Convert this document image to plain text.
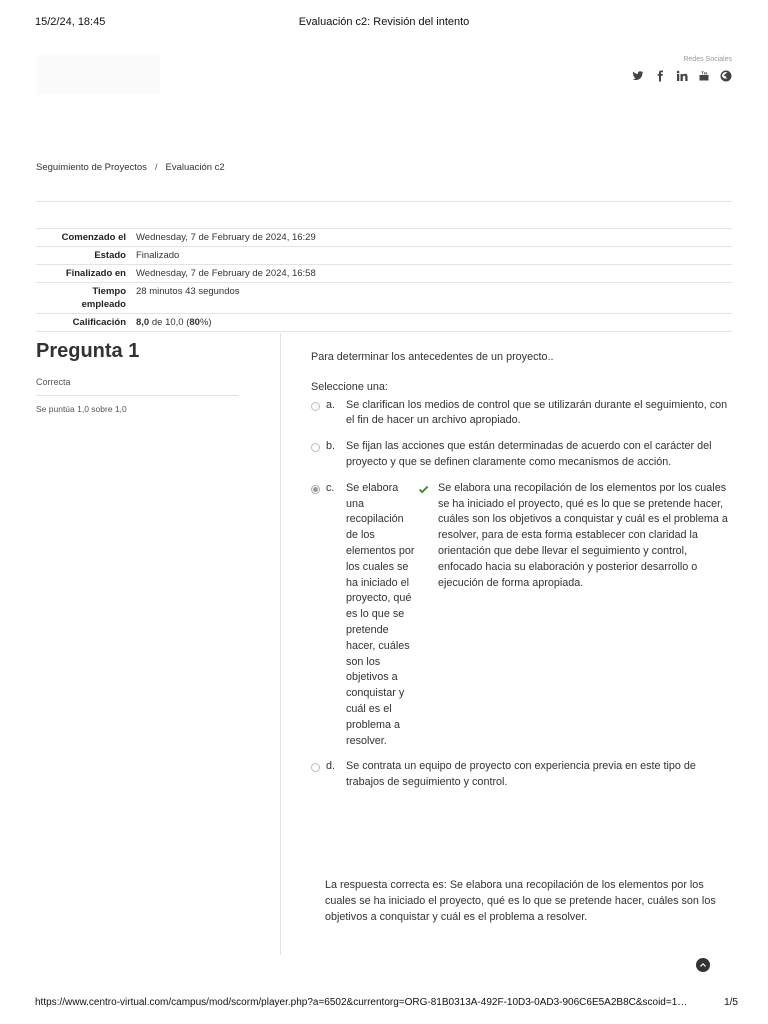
15/2/24, 18:45	Evaluación c2: Revisión del intento
Redes Sociales
Seguimiento de Proyectos / Evaluación c2
Comenzado el	Wednesday, 7 de February de 2024, 16:29
Estado	Finalizado
Finalizado en	Wednesday, 7 de February de 2024, 16:58
Tiempo
empleado
28 minutos 43 segundos
Calificación	8,0 de 10,0 (80%)
Pregunta 1
Correcta
Se puntúa 1,0 sobre 1,0
Para determinar los antecedentes de un proyecto..
Seleccione una:
a.	Se clarifican los medios de control que se utilizarán durante el seguimiento, con el fin de hacer un archivo apropiado.
b.	Se fijan las acciones que están determinadas de acuerdo con el carácter del proyecto y que se definen claramente como mecanismos de acción.
c.	Se elabora una recopilación de los elementos por los cuales se ha iniciado el proyecto, qué es lo que se pretende hacer, cuáles son los objetivos a conquistar y cuál es el problema a resolver.
Se elabora una recopilación de los elementos por los cuales se ha iniciado el proyecto, qué es lo que se pretende hacer, cuáles son los objetivos a conquistar y cuál es el problema a resolver, para de esta forma establecer con claridad la orientación que debe llevar el seguimiento y control, enfocado hacia su elaboración y posterior desarrollo o ejecución de forma apropiada.
d.	Se contrata un equipo de proyecto con experiencia previa en este tipo de trabajos de seguimiento y control.
La respuesta correcta es: Se elabora una recopilación de los elementos por los cuales se ha iniciado el proyecto, qué es lo que se pretende hacer, cuáles son los objetivos a conquistar y cuál es el problema a resolver.
https://www.centro-virtual.com/campus/mod/scorm/player.php?a=6502&currentorg=ORG-81B0313A-492F-10D3-0AD3-906C6E5A2B8C&scoid=1…	1/5
